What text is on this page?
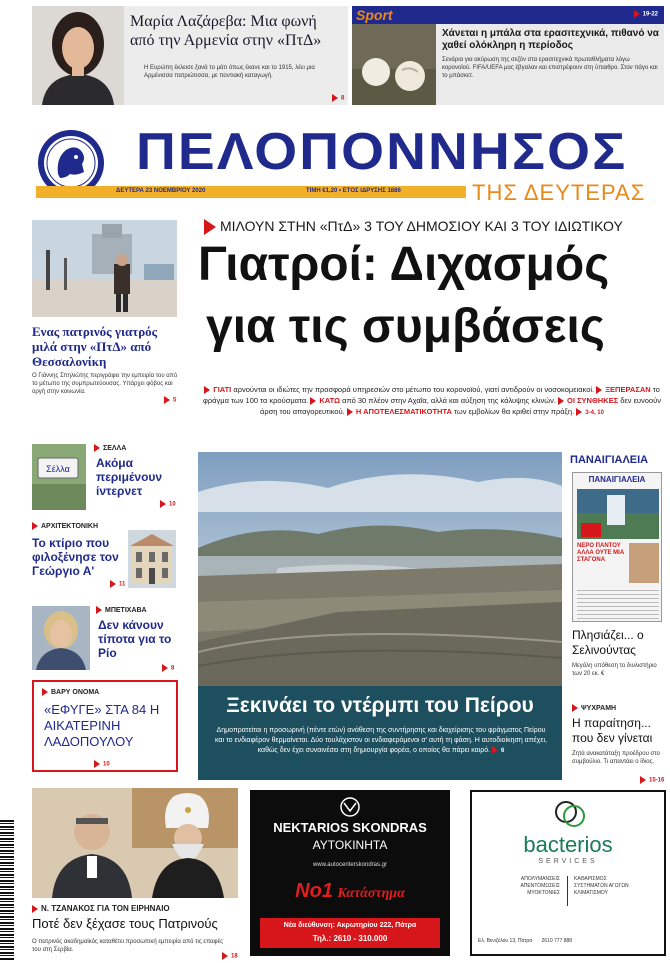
Μαρία Λαζάρεβα: Μια φωνή από την Αρμενία στην «ΠτΔ»
Η Ευρώπη έκλεισε ξανά το μάτι όπως έκανε και το 1915, λέει μια Αρμένισσα πατριώτισσα, με ποντιακή καταγωγή.
8
Sport	19-22
Χάνεται η μπάλα στα ερασιτεχνικά, πιθανό να χαθεί ολόκληρη η περίοδος
Σενάρια για ακύρωση της σεζόν στα ερασιτεχνικά πρωταθλήματα λόγω κορονοϊού. FIFA/UEFA μας έβγαλαν και επιστρέφουν στη ύπαιθρο. Στον πάγο και το μπάσκετ.
ΠΕΛΟΠΟΝΝΗΣΟΣ
ΔΕΥΤΕΡΑ 23 ΝΟΕΜΒΡΙΟΥ 2020	ΤΙΜΗ €1,20 • ΕΤΟΣ ΙΔΡΥΣΗΣ 1886	ΤΗΣ ΔΕΥΤΕΡΑΣ
Ενας πατρινός γιατρός μιλά στην «ΠτΔ» από Θεσσαλονίκη
Ο Γιάννης Σπηλιώτης περιγράφει την εμπειρία του από το μέτωπο της συμπρωτεύουσας. Υπάρχει φόβος και οργή στην κοινωνία.
5
Σέλλα
ΣΕΛΛΑ
Ακόμα περιμένουν ίντερνετ
10
ΑΡΧΙΤΕΚΤΟΝΙΚΗ
Το κτίριο που φιλοξένησε τον Γεώργιο Α'
11
ΜΠΕΤΙΧΑΒΑ
Δεν κάνουν τίποτα για το Ρίο
8
ΒΑΡΥ ΟΝΟΜΑ
«ΕΦΥΓΕ» ΣΤΑ 84 Η ΑΙΚΑΤΕΡΙΝΗ ΛΑΔΟΠΟΥΛΟΥ
10
ΜΙΛΟΥΝ ΣΤΗΝ «ΠτΔ» 3 ΤΟΥ ΔΗΜΟΣΙΟΥ ΚΑΙ 3 ΤΟΥ ΙΔΙΩΤΙΚΟΥ
Γιατροί: Διχασμός
για τις συμβάσεις
ΓΙΑΤΙ αρνούνται οι ιδιώτες την προσφορά υπηρεσιών στο μέτωπο του κορονοϊού, γιατί αντιδρούν οι νοσοκομειακοί. ΞΕΠΕΡΑΣΑΝ το φράγμα των 100 τα κρούσματα. ΚΑΤΩ από 30 πλέον στην Αχαΐα, αλλά και αύξηση της κάλυψης κλινών. ΟΙ ΣΥΝΘΗΚΕΣ δεν ευνοούν άρση του απαγορευτικού. Η ΑΠΟΤΕΛΕΣΜΑΤΙΚΟΤΗΤΑ των εμβολίων θα κριθεί στην πράξη. 3-4, 10
Ξεκινάει το ντέρμπι του Πείρου
Δημοπρατείται η προσωρινή (πέντε ετών) ανάθεση της συντήρησης και διαχείρισης του φράγματος Πείρου και το ενδιαφέρον θερμαίνεται. Δύο τουλάχιστον οι ενδιαφερόμενοι σ' αυτή τη φάση. Η αυτοδιοίκηση απέχει, καθώς δεν έχει συναινέσει στη δημιουργία φορέα, ο οποίος θα πάρει καιρό. 6
ΠΑΝΑΙΓΙΑΛΕΙΑ
ΠΑΝΑΙΓΙΑΛΕΙΑ
ΝΕΡΟ ΠΑΝΤΟΥ ΑΛΛΑ ΟΥΤΕ ΜΙΑ ΣΤΑΓΟΝΑ
Πλησιάζει... ο Σελινούντας
Μεγάλη υπόθεση το διυλιστήριο των 20 εκ. €
ΨΥΧΡΑΜΗ
Η παραίτηση... που δεν γίνεται
Ζητά ανακατάταξη προέδρου στο συμβούλιο. Τι απαντάει ο ίδιος.
15-16
Ν. ΤΖΑΝΑΚΟΣ ΓΙΑ ΤΟΝ ΕΙΡΗΝΑΙΟ
Ποτέ δεν ξέχασε τους Πατρινούς
Ο πατρινός ακαδημαϊκός καταθέτει προσωπική εμπειρία από τις επαφές του στη Σερβία.
18
NEKTARIOS SKONDRAS
ΑΥΤΟΚΙΝΗΤΑ
www.autocenterskondras.gr
Νο1 Κατάστημα
Νέα διεύθυνση: Ακρωτηρίου 222, Πάτρα
Τηλ.: 2610 - 310.000
bacterios
SERVICES
ΑΠΟΛΥΜΑΝΣΕΙΣ ΑΠΕΝΤΟΜΩΣΕΙΣ ΜΥΟΚΤΟΝΙΕΣ
ΚΑΘΑΡΙΣΜΟΣ ΣΥΣΤΗΜΑΤΩΝ ΑΓΩΓΩΝ ΚΛΙΜΑΤΙΣΜΟΥ
Ελ. Βενιζέλου 13, Πάτρα 2610 777 888
